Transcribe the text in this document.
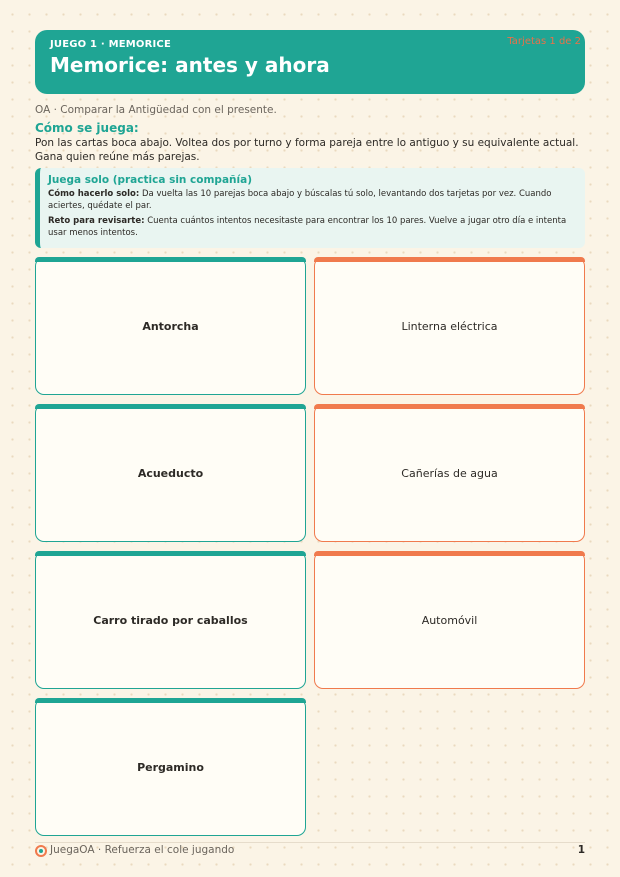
JUEGO 1 · MEMORICE
Memorice: antes y ahora
Tarjetas 1 de 2
OA · Comparar la Antigüedad con el presente.
Cómo se juega:
Pon las cartas boca abajo. Voltea dos por turno y forma pareja entre lo antiguo y su equivalente actual. Gana quien reúne más parejas.
Juega solo (practica sin compañía)

Cómo hacerlo solo: Da vuelta las 10 parejas boca abajo y búscalas tú solo, levantando dos tarjetas por vez. Cuando aciertes, quédate el par.

Reto para revisarte: Cuenta cuántos intentos necesitaste para encontrar los 10 pares. Vuelve a jugar otro día e intenta usar menos intentos.

Antorcha	Linterna eléctrica
Acueducto	Cañerías de agua
Carro tirado por caballos	Automóvil
Pergamino
JuegaOA · Refuerza el cole jugando	1
